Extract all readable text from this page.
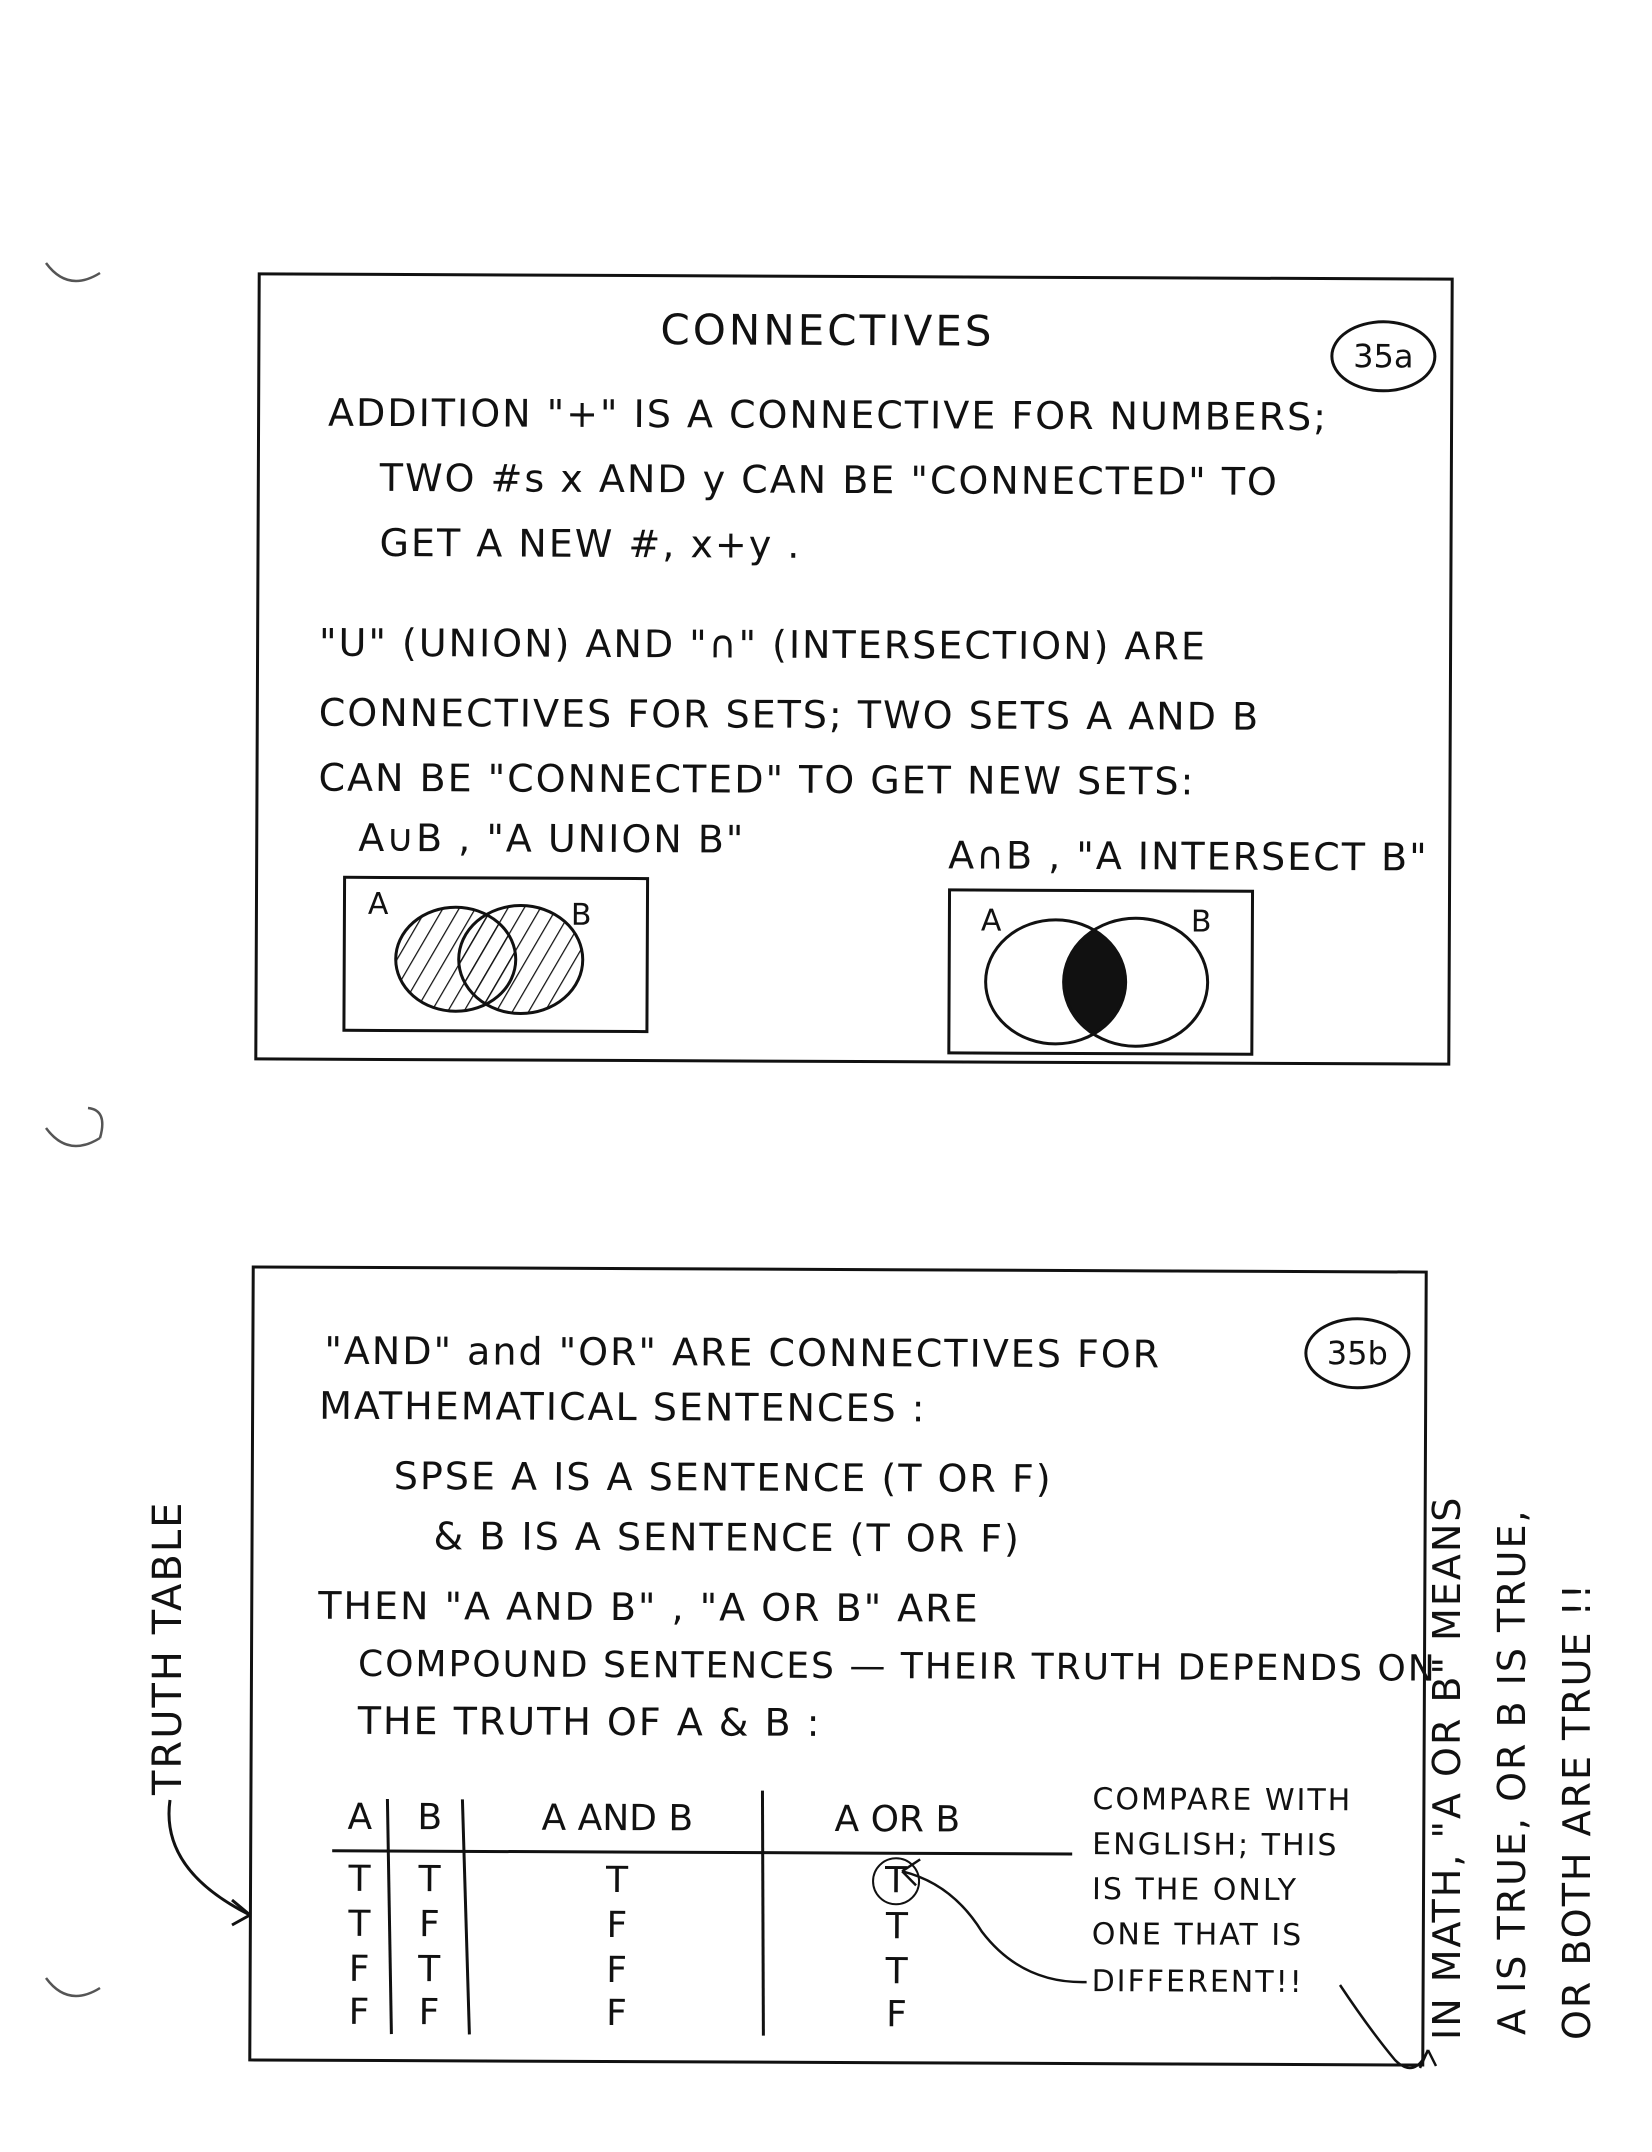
CONNECTIVES
35a
ADDITION "+" IS A CONNECTIVE FOR NUMBERS;
TWO #s x AND y CAN BE "CONNECTED" TO
GET A NEW #, x+y .
"U" (UNION) AND "∩" (INTERSECTION) ARE
CONNECTIVES FOR SETS; TWO SETS A AND B
CAN BE "CONNECTED" TO GET NEW SETS:
A∪B , "A UNION B"	A∩B , "A INTERSECT B"
A	B	A	B
35b
"AND" and "OR" ARE CONNECTIVES FOR
MATHEMATICAL SENTENCES :
SPSE A IS A SENTENCE (T OR F)
& B IS A SENTENCE (T OR F)
THEN "A AND B" , "A OR B" ARE
COMPOUND SENTENCES — THEIR TRUTH DEPENDS ON
THE TRUTH OF A & B :
A	B	A AND B	A OR B
T	T	T	T
T	F	F	T
F	T	F	T
F	F	F	F
COMPARE WITH
ENGLISH; THIS
IS THE ONLY
ONE THAT IS
DIFFERENT!!
TRUTH TABLE	IN MATH, "A OR B" MEANS A IS TRUE, OR B IS TRUE, OR BOTH ARE TRUE !!
